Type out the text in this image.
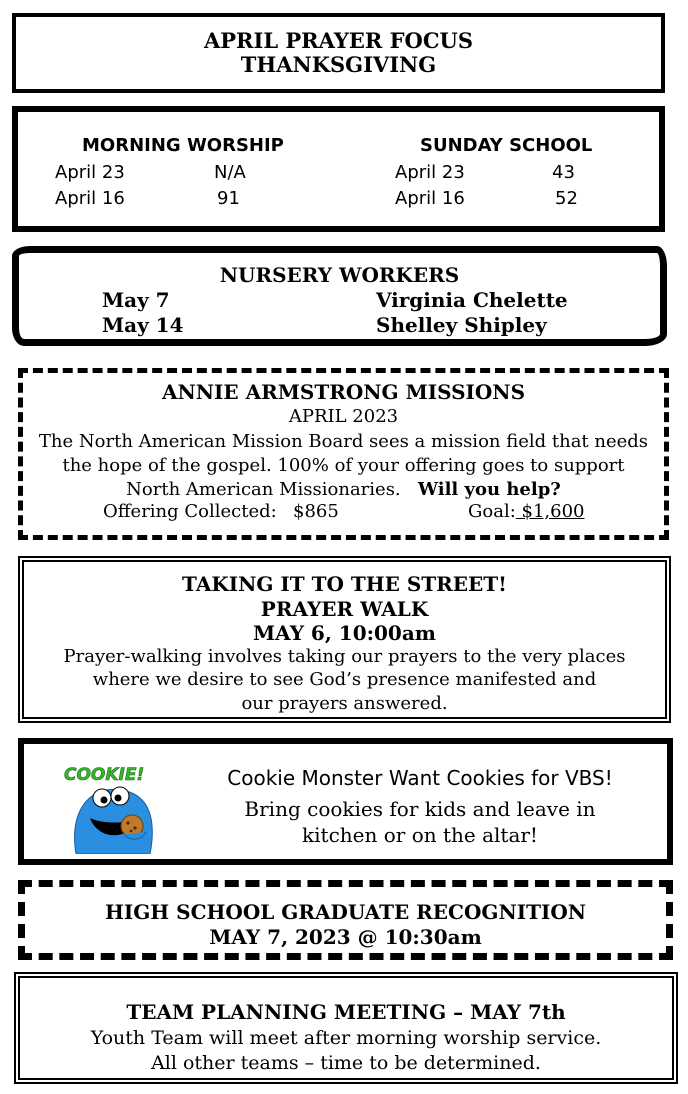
APRIL PRAYER FOCUS
THANKSGIVING
MORNING WORSHIP
April 23	N/A
April 16	91
SUNDAY SCHOOL
April 23	43
April 16	52
NURSERY WORKERS
May 7	Virginia Chelette
May 14	Shelley Shipley
ANNIE ARMSTRONG MISSIONS
APRIL 2023
The North American Mission Board sees a mission field that needs
the hope of the gospel. 100% of your offering goes to support
North American Missionaries. Will you help?
Offering Collected: $865	Goal: $1,600
TAKING IT TO THE STREET!
PRAYER WALK
MAY 6, 10:00am
Prayer-walking involves taking our prayers to the very places
where we desire to see God’s presence manifested and
our prayers answered.
COOKIE!	Cookie Monster Want Cookies for VBS!
Bring cookies for kids and leave in
kitchen or on the altar!
HIGH SCHOOL GRADUATE RECOGNITION
MAY 7, 2023 @ 10:30am
TEAM PLANNING MEETING – MAY 7th
Youth Team will meet after morning worship service.
All other teams – time to be determined.
